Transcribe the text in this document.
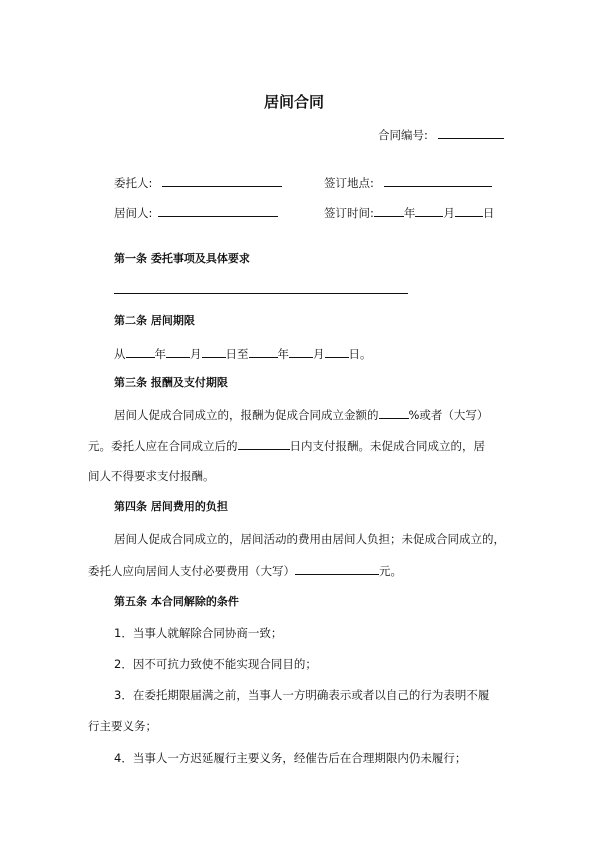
居间合同
合同编号:
委托人:	签订地点:
居间人:	签订时间:	年 月 日
第一条 委托事项及具体要求
第二条 居间期限
从	年 月 日至	年 月 日。
第三条 报酬及支付期限
居间人促成合同成立的，报酬为促成合同成立金额的	%或者（大写）
元。委托人应在合同成立后的	日内支付报酬。未促成合同成立的，居
间人不得要求支付报酬。
第四条 居间费用的负担
居间人促成合同成立的，居间活动的费用由居间人负担；未促成合同成立的，
委托人应向居间人支付必要费用（大写）	元。
第五条 本合同解除的条件
1．当事人就解除合同协商一致；
2．因不可抗力致使不能实现合同目的；
3．在委托期限届满之前，当事人一方明确表示或者以自己的行为表明不履
行主要义务；
4．当事人一方迟延履行主要义务，经催告后在合理期限内仍未履行；
